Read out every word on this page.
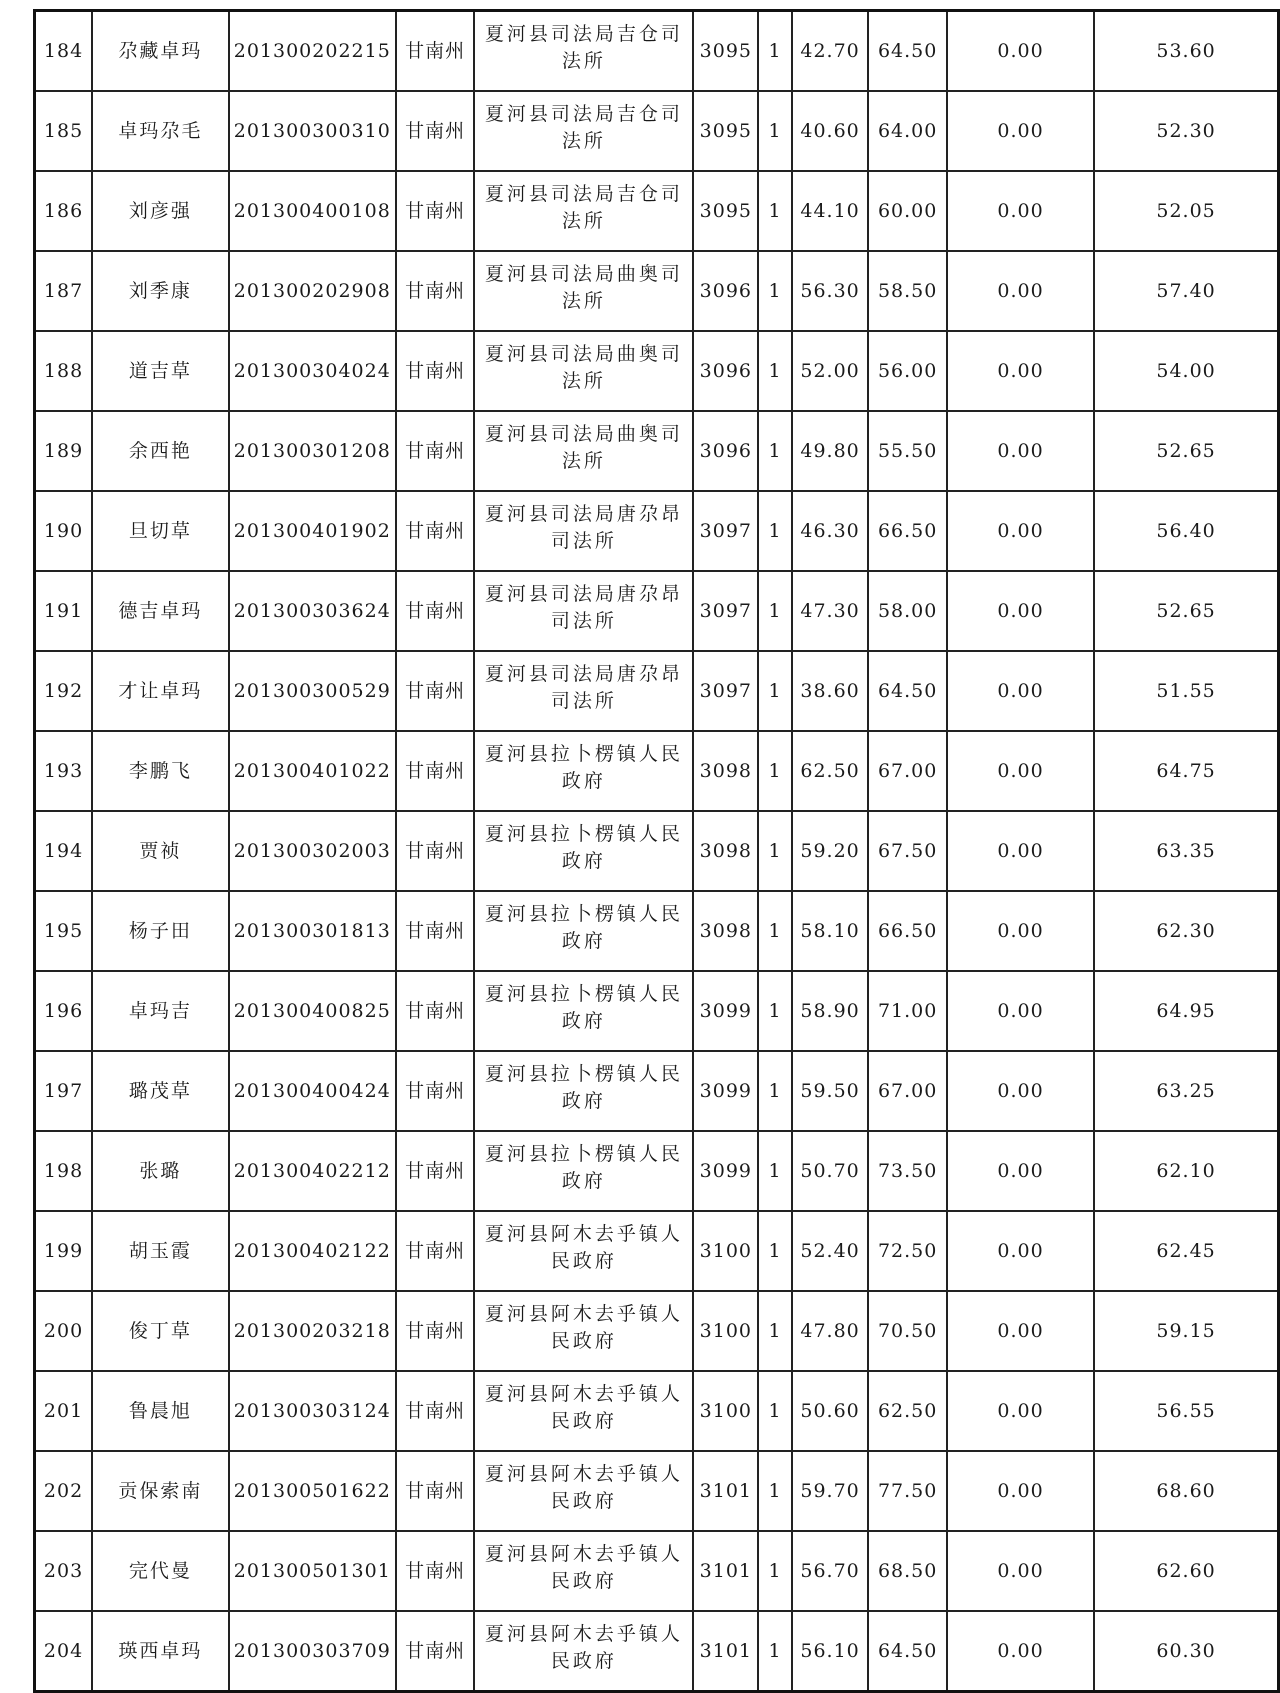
184	尕藏卓玛	201300202215	甘南州	夏河县司法局吉仓司法所	3095	1	42.70	64.50	0.00	53.60
185	卓玛尕毛	201300300310	甘南州	夏河县司法局吉仓司法所	3095	1	40.60	64.00	0.00	52.30
186	刘彦强	201300400108	甘南州	夏河县司法局吉仓司法所	3095	1	44.10	60.00	0.00	52.05
187	刘季康	201300202908	甘南州	夏河县司法局曲奥司法所	3096	1	56.30	58.50	0.00	57.40
188	道吉草	201300304024	甘南州	夏河县司法局曲奥司法所	3096	1	52.00	56.00	0.00	54.00
189	余西艳	201300301208	甘南州	夏河县司法局曲奥司法所	3096	1	49.80	55.50	0.00	52.65
190	旦切草	201300401902	甘南州	夏河县司法局唐尕昂司法所	3097	1	46.30	66.50	0.00	56.40
191	德吉卓玛	201300303624	甘南州	夏河县司法局唐尕昂司法所	3097	1	47.30	58.00	0.00	52.65
192	才让卓玛	201300300529	甘南州	夏河县司法局唐尕昂司法所	3097	1	38.60	64.50	0.00	51.55
193	李鹏飞	201300401022	甘南州	夏河县拉卜楞镇人民政府	3098	1	62.50	67.00	0.00	64.75
194	贾祯	201300302003	甘南州	夏河县拉卜楞镇人民政府	3098	1	59.20	67.50	0.00	63.35
195	杨子田	201300301813	甘南州	夏河县拉卜楞镇人民政府	3098	1	58.10	66.50	0.00	62.30
196	卓玛吉	201300400825	甘南州	夏河县拉卜楞镇人民政府	3099	1	58.90	71.00	0.00	64.95
197	璐茂草	201300400424	甘南州	夏河县拉卜楞镇人民政府	3099	1	59.50	67.00	0.00	63.25
198	张璐	201300402212	甘南州	夏河县拉卜楞镇人民政府	3099	1	50.70	73.50	0.00	62.10
199	胡玉霞	201300402122	甘南州	夏河县阿木去乎镇人民政府	3100	1	52.40	72.50	0.00	62.45
200	俊丁草	201300203218	甘南州	夏河县阿木去乎镇人民政府	3100	1	47.80	70.50	0.00	59.15
201	鲁晨旭	201300303124	甘南州	夏河县阿木去乎镇人民政府	3100	1	50.60	62.50	0.00	56.55
202	贡保索南	201300501622	甘南州	夏河县阿木去乎镇人民政府	3101	1	59.70	77.50	0.00	68.60
203	完代曼	201300501301	甘南州	夏河县阿木去乎镇人民政府	3101	1	56.70	68.50	0.00	62.60
204	瑛西卓玛	201300303709	甘南州	夏河县阿木去乎镇人民政府	3101	1	56.10	64.50	0.00	60.30
